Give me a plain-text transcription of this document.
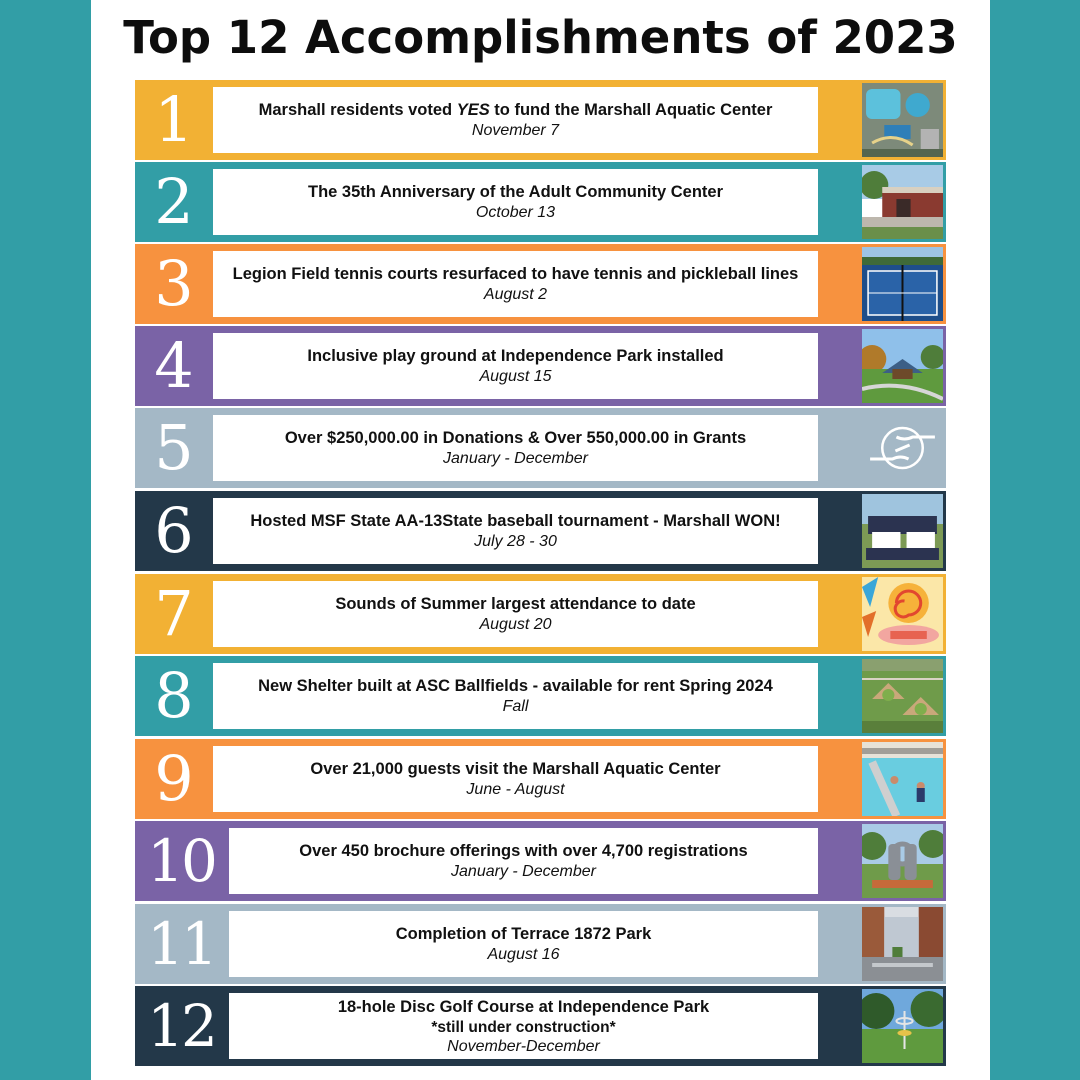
Top 12 Accomplishments of 2023
1	Marshall residents voted YES to fund the Marshall Aquatic Center
November 7
2	The 35th Anniversary of the Adult Community Center
October 13
3	Legion Field tennis courts resurfaced to have tennis and pickleball lines
August 2
4	Inclusive play ground at Independence Park installed
August 15
5	Over $250,000.00 in Donations & Over 550,000.00 in Grants
January - December
6	Hosted MSF State AA-13State baseball tournament - Marshall WON!
July 28 - 30
7	Sounds of Summer largest attendance to date
August 20
8	New Shelter built at ASC Ballfields - available for rent Spring 2024
Fall
9	Over 21,000 guests visit the Marshall Aquatic Center
June - August
10	Over 450 brochure offerings with over 4,700 registrations
January - December
11	Completion of Terrace 1872 Park
August 16
12	18-hole Disc Golf Course at Independence Park
*still under construction*
November-December
